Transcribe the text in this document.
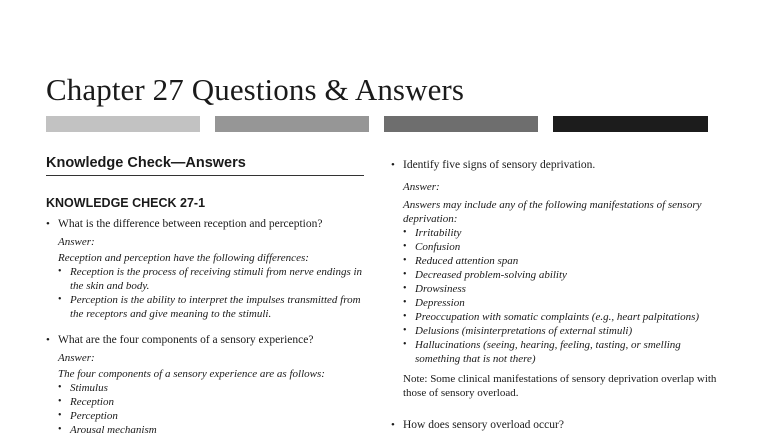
Chapter 27 Questions & Answers
Knowledge Check—Answers
KNOWLEDGE CHECK 27-1
• What is the difference between reception and perception?
Answer:

Reception and perception have the following differences:

• Reception is the process of receiving stimuli from nerve endings in the skin and body.
• Perception is the ability to interpret the impulses transmitted from the receptors and give meaning to the stimuli.
• What are the four components of a sensory experience?
Answer:

The four components of a sensory experience are as follows:

• Stimulus
• Reception
• Perception
• Arousal mechanism
• Identify five signs of sensory deprivation.
Answer:

Answers may include any of the following manifestations of sensory deprivation:

• Irritability
• Confusion
• Reduced attention span
• Decreased problem-solving ability
• Drowsiness
• Depression
• Preoccupation with somatic complaints (e.g., heart palpitations)
• Delusions (misinterpretations of external stimuli)
• Hallucinations (seeing, hearing, feeling, tasting, or smelling something that is not there)

Note: Some clinical manifestations of sensory deprivation overlap with those of sensory overload.

• How does sensory overload occur?
